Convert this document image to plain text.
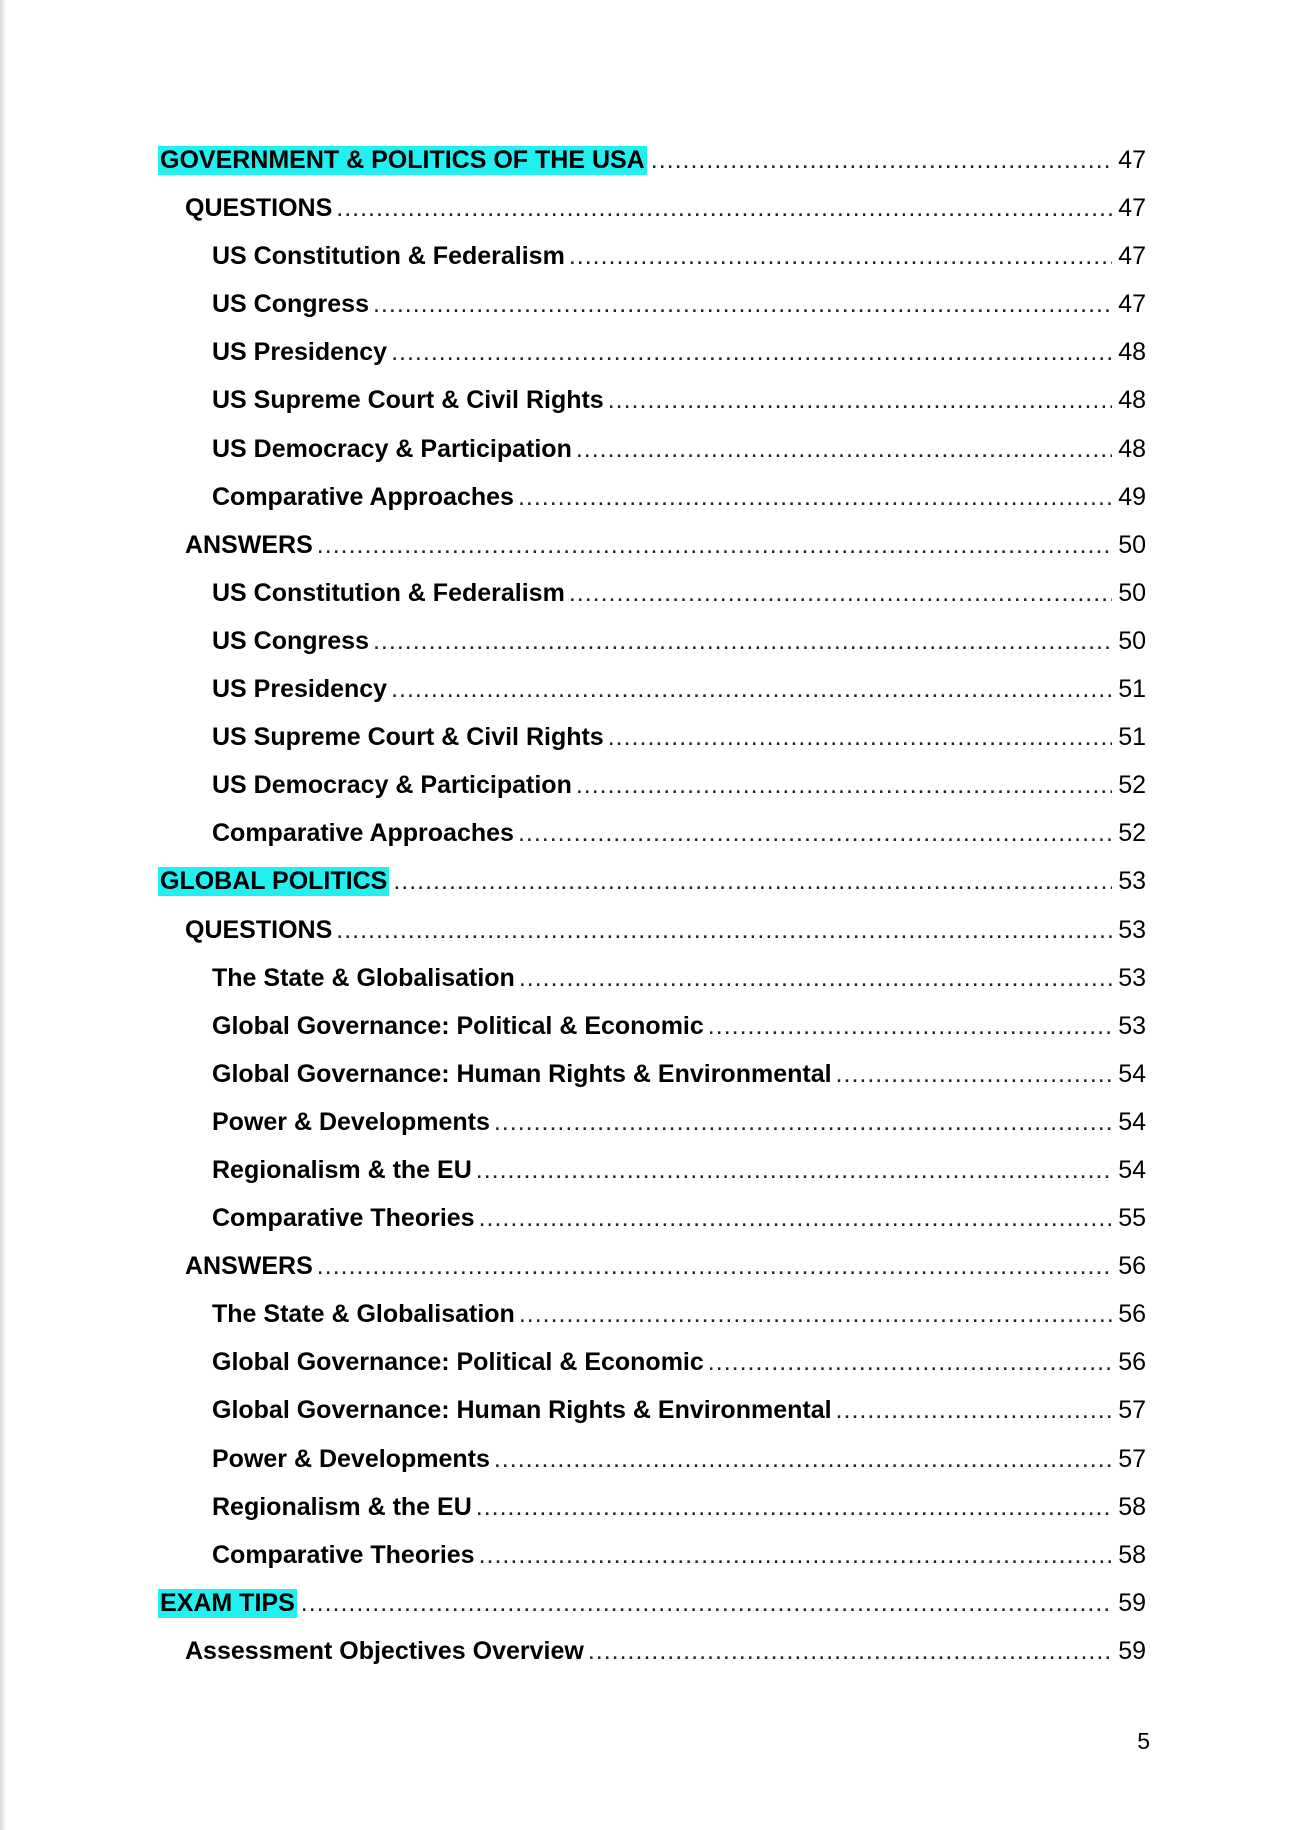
GOVERNMENT & POLITICS OF THE USA .....	47
QUESTIONS .....	47
US Constitution & Federalism .....	47
US Congress .....	47
US Presidency .....	48
US Supreme Court & Civil Rights .....	48
US Democracy & Participation .....	48
Comparative Approaches .....	49
ANSWERS .....	50
US Constitution & Federalism .....	50
US Congress .....	50
US Presidency .....	51
US Supreme Court & Civil Rights .....	51
US Democracy & Participation .....	52
Comparative Approaches .....	52
GLOBAL POLITICS .....	53
QUESTIONS .....	53
The State & Globalisation .....	53
Global Governance: Political & Economic .....	53
Global Governance: Human Rights & Environmental .....	54
Power & Developments .....	54
Regionalism & the EU .....	54
Comparative Theories .....	55
ANSWERS .....	56
The State & Globalisation .....	56
Global Governance: Political & Economic .....	56
Global Governance: Human Rights & Environmental .....	57
Power & Developments .....	57
Regionalism & the EU .....	58
Comparative Theories .....	58
EXAM TIPS .....	59
Assessment Objectives Overview .....	59
5
